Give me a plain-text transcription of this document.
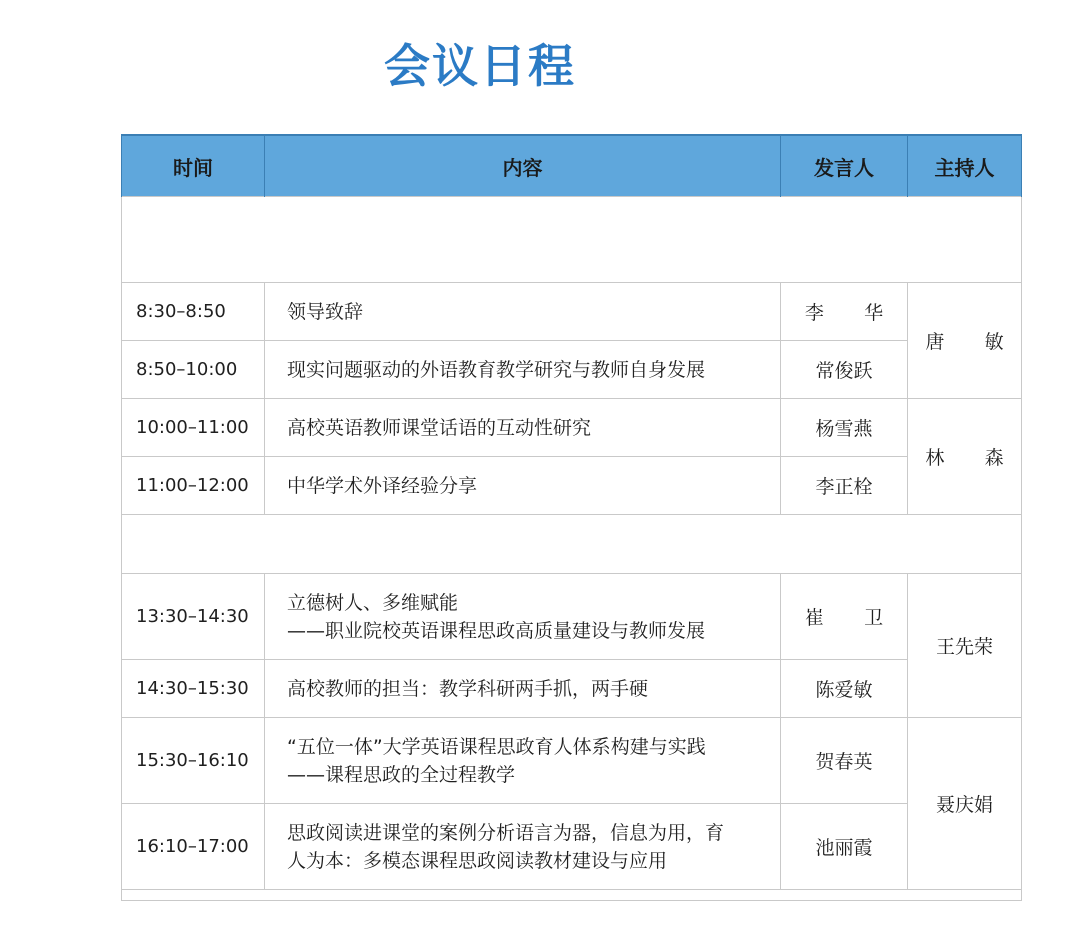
会议日程
时间	内容	发言人	主持人

8:30–8:50	领导致辞	李 华	唐 敏
8:50–10:00	现实问题驱动的外语教育教学研究与教师自身发展	常俊跃	
10:00–11:00	高校英语教师课堂话语的互动性研究	杨雪燕	林 森
11:00–12:00	中华学术外译经验分享	李正栓	

13:30–14:30	立德树人、多维赋能
——职业院校英语课程思政高质量建设与教师发展	崔 卫	王先荣
14:30–15:30	高校教师的担当：教学科研两手抓，两手硬	陈爱敏	
15:30–16:10	“五位一体”大学英语课程思政育人体系构建与实践
——课程思政的全过程教学	贺春英	聂庆娟
16:10–17:00	思政阅读进课堂的案例分析语言为器，信息为用，育
人为本：多模态课程思政阅读教材建设与应用	池丽霞	
